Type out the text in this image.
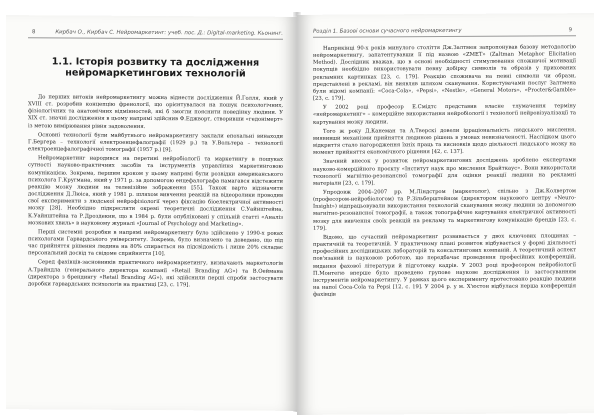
8	Кирбач О., Кирбач С. Нейромаркетинг: учеб. пос. Д.: Digital-marketing. Кьонинг.
1.1. Історія розвитку та дослідження нейромаркетингових технологій

До перших витоків нейромаркетингу можна віднести дослідження Й.Голля, який у XVIII ст. розробив концепцію френології, що орієнтувалася на пошук психологічних, фізіологічних та анатомічних відмінностей, які б змогли пояснити поведінку людини. У XIX ст. значні дослідження в цьому напрямі здійснив Ф.Еджворт, створивши «гедонімерт» із метою вимірювання рівня задоволення.

Основні технології були майбутнього нейромаркетингу заклали епохальні винаходи Г.Бергера – технології електроенцефалографії (1929 р.) та У.Вольтера – технології електроенцефалографічної томографії (1957 р.) [9].

Нейромаркетинг народився на перетині нейробіології та маркетингу в пошуках сутності науково-практичних засобів та інструментів управління маркетинговою комунікацією. Зокрема, першим кроком у цьому напрямі були розвідки американського психолога Г.Кругмана, який у 1971 р. за допомогою енцефалографа намагався відстежити реакцію мозку людини на телевізійне зображення [55]. Також варто відзначити дослідження Д.Люіса, який у 1981 р. шляхом вивчення реакцій на відеоролики проводив свої експерименти з людської нейрофізіології через фіксацію біоелектричної активності мозку [28]. Необхідно підкреслити окремі теоретичні дослідження С.Уайнштейна, К.Уайнштейна та Р.Дроздекни, що в 1984 р. були опубліковані у спільній статті «Аналіз мозкових хвиль» в науковому журналі «Journal of Psychology and Marketing».

Перші системні розробки в напрямі нейромаркетингу було здійснено у 1990-х роках психологами Гарвардського університету. Зокрема, було визначено та доведено, що під час прийняття рішення людина на 80% спирається на підсвідомість і лише 20% складає персональний досвід та свідоме сприйняття [10].

Серед фахівців-засновників практичного нейромаркетингу, визначають маркетологів А.Трайндла (генерального директора компанії «Retail Branding AG») та В.Оеймана (директора з брендингу «Retail Branding AG»), які здійснили перші спроби застосувати доробки гарвардських психологів на практиці [23, с. 179].

Розділ 1. Базові основи сучасного нейромаркетингу	9

Наприкінці 90-х років минулого століття Дж.Залтмен запропонував базову методологію нейромаркетингу, запатентувавши її під назвою «ZMET» (Zaltman Metaphor Elicitation Method). Дослідник вважав, що в основі необхідності стимулювання споживчої мотивації покупців необхідно використовувати певну добірку символів та образів у прихованих рекламних картинках [23, с. 179]. Реакцію споживача на певні символи чи образи, представлені в рекламі, він виявляв шляхом сканування. Користувачами послуг Залтмена були відомі компанії: «Coca-Cola», «Pepsi», «Nestle», «General Motors», «Procter&Gamble» [23, с. 179].

У 2002 році професор Е.Смідтс представив власне тлумачення терміну «нейромаркетинг» – комерційне використання нейробіології і технології нейровізуалізації та картування мозку людини.

Того ж року Д.Канеман та А.Тверскі довели ірраціональність людського мислення, виявивши механізми прийняття людиною рішень в умовах невизначеності. Наслідком цього відкриття стало нагородження їхніх праць та висновків щодо діяльності людського мозку на момент прийняття економічного рішення [42, с. 137].

Значний внесок у розвиток нейромаркетингових досліджень зроблено експертами науково-комерційного проєкту «Інститут наук про мислення Брайткаус». Вони використали технології магнітно-резонансної томографії для оцінки реакції людини на рекламні матеріали [23, с. 179].

Упродовж 2004–2007 рр. М.Ліндстром (маркетолог), спільно з Дж.Колвертом (професором-нейробіологом) та Р.Зільберштейном (директором наукового центру «Neuro-Insight») відпрацьовували використання технологій сканування мозку людини за допомогою магнітно-резонансної томографії, а також топографічне картування електричної активності мозку для вивчення своїх реакцій на рекламу та маркетингову комунікацію брендів [23, с. 179].

Відомо, що сучасний нейромаркетинг розвивається у двох ключових площинах – практичній та теоретичній. У практичному плані розвиток відбувається у формі діяльності професійних дослідницьких лабораторій та консалтингових компаній. А теоретичний аспект пов'язаний із науковою роботою, що передбачає проведення професійних конференцій, видання фахової літератури й підготовку кадрів. У 2003 році професором нейробіології П.Монтегю вперше було проведено групове наукове дослідження із застосуванням інструментів нейромаркетингу. У рамках цього експерименту протестовано реакцію людини на напої Coca-Cola та Pepsi [12, с. 19]. У 2004 р. у м. Х'юстон відбулася перша конференція фахівців
